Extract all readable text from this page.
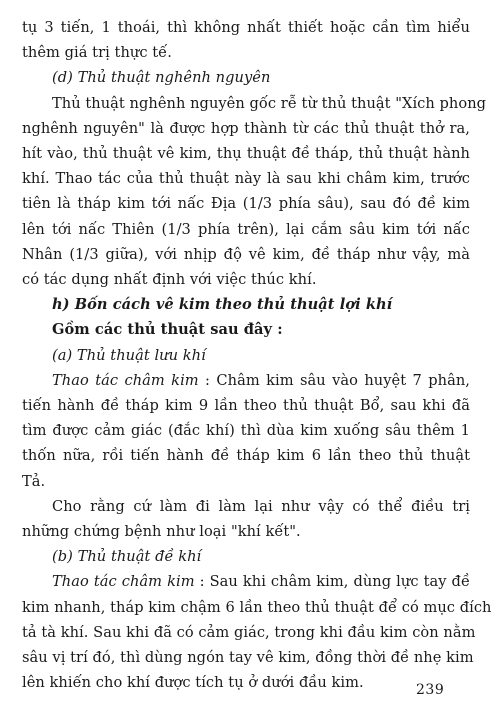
tụ 3 tiến, 1 thoái, thì không nhất thiết hoặc cần tìm hiểu
thêm giá trị thực tế.
(d) Thủ thuật nghênh nguyên
Thủ thuật nghênh nguyên gốc rễ từ thủ thuật "Xích phong
nghênh nguyên" là được hợp thành từ các thủ thuật thở ra,
hít vào, thủ thuật vê kim, thụ thuật đề tháp, thủ thuật hành
khí. Thao tác của thủ thuật này là sau khi châm kim, trước
tiên là tháp kim tới nấc Địa (1/3 phía sâu), sau đó đề kim
lên tới nấc Thiên (1/3 phía trên), lại cắm sâu kim tới nấc
Nhân (1/3 giữa), với nhịp độ vê kim, đề tháp như vậy, mà
có tác dụng nhất định với việc thúc khí.
h) Bốn cách vê kim theo thủ thuật lợi khí
Gồm các thủ thuật sau đây :
(a) Thủ thuật lưu khí
Thao tác châm kim : Châm kim sâu vào huyệt 7 phân,
tiến hành đề tháp kim 9 lần theo thủ thuật Bổ, sau khi đã
tìm được cảm giác (đắc khí) thì dùa kim xuống sâu thêm 1
thốn nữa, rồi tiến hành đề tháp kim 6 lần theo thủ thuật
Tả.
Cho rằng cứ làm đi làm lại như vậy có thể điều trị
những chứng bệnh như loại "khí kết".
(b) Thủ thuật đề khí
Thao tác châm kim : Sau khi châm kim, dùng lực tay đề
kim nhanh, tháp kim chậm 6 lần theo thủ thuật để có mục đích
tả tà khí. Sau khi đã có cảm giác, trong khi đầu kim còn nằm
sâu vị trí đó, thì dùng ngón tay vê kim, đồng thời đề nhẹ kim
lên khiến cho khí được tích tụ ở dưới đầu kim.	239
